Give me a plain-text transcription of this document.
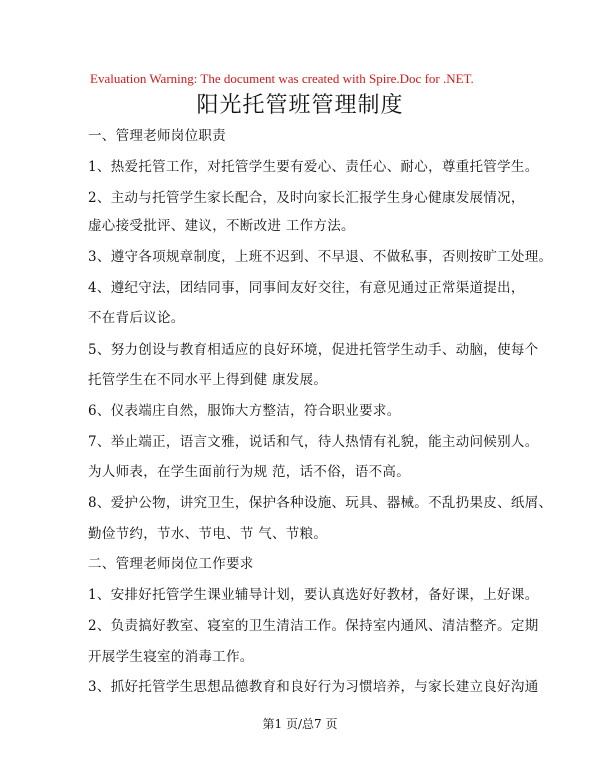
Evaluation Warning: The document was created with Spire.Doc for .NET.
阳光托管班管理制度
一、管理老师岗位职责
1、热爱托管工作，对托管学生要有爱心、责任心、耐心，尊重托管学生。
2、主动与托管学生家长配合，及时向家长汇报学生身心健康发展情况，
虚心接受批评、建议，不断改进 工作方法。
3、遵守各项规章制度，上班不迟到、不早退、不做私事，否则按旷工处理。
4、遵纪守法，团结同事，同事间友好交往，有意见通过正常渠道提出，
不在背后议论。
5、努力创设与教育相适应的良好环境，促进托管学生动手、动脑，使每个
托管学生在不同水平上得到健 康发展。
6、仪表端庄自然，服饰大方整洁，符合职业要求。
7、举止端正，语言文雅，说话和气，待人热情有礼貌，能主动问候别人。
为人师表，在学生面前行为规 范，话不俗，语不高。
8、爱护公物，讲究卫生，保护各种设施、玩具、器械。不乱扔果皮、纸屑、
勤俭节约，节水、节电、节 气、节粮。
二、管理老师岗位工作要求
1、安排好托管学生课业辅导计划，要认真选好好教材，备好课，上好课。
2、负责搞好教室、寝室的卫生清洁工作。保持室内通风、清洁整齐。定期
开展学生寝室的消毒工作。
3、抓好托管学生思想品德教育和良好行为习惯培养，与家长建立良好沟通
第1 页/总7 页
